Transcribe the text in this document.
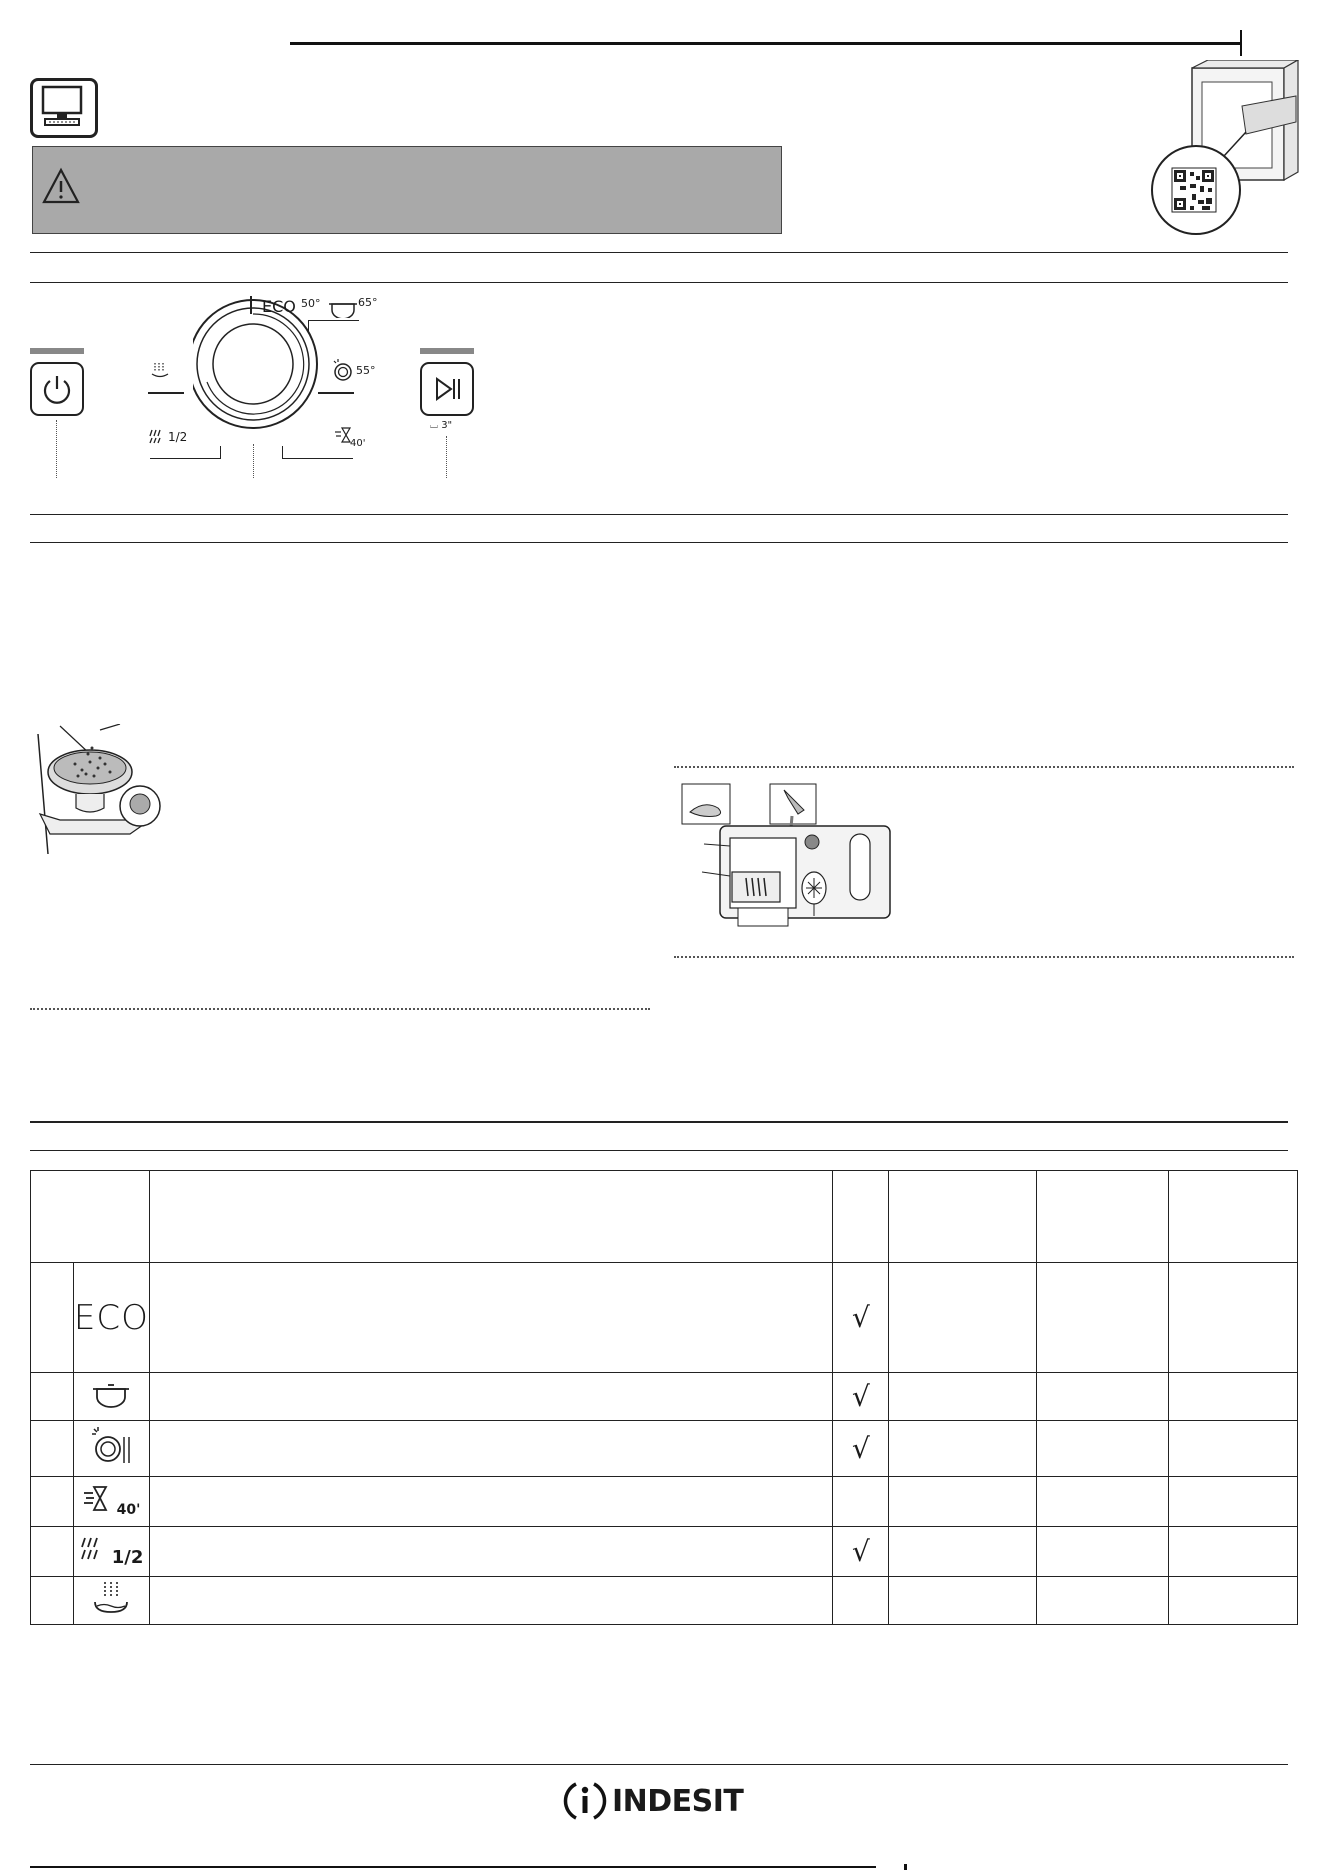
ECO $^{50^\circ}$	65°
55°
1/2	40'
⌴ 3"

	ECO		√			
			√			
			√			
	40'					
	1/2		√			

INDESIT
